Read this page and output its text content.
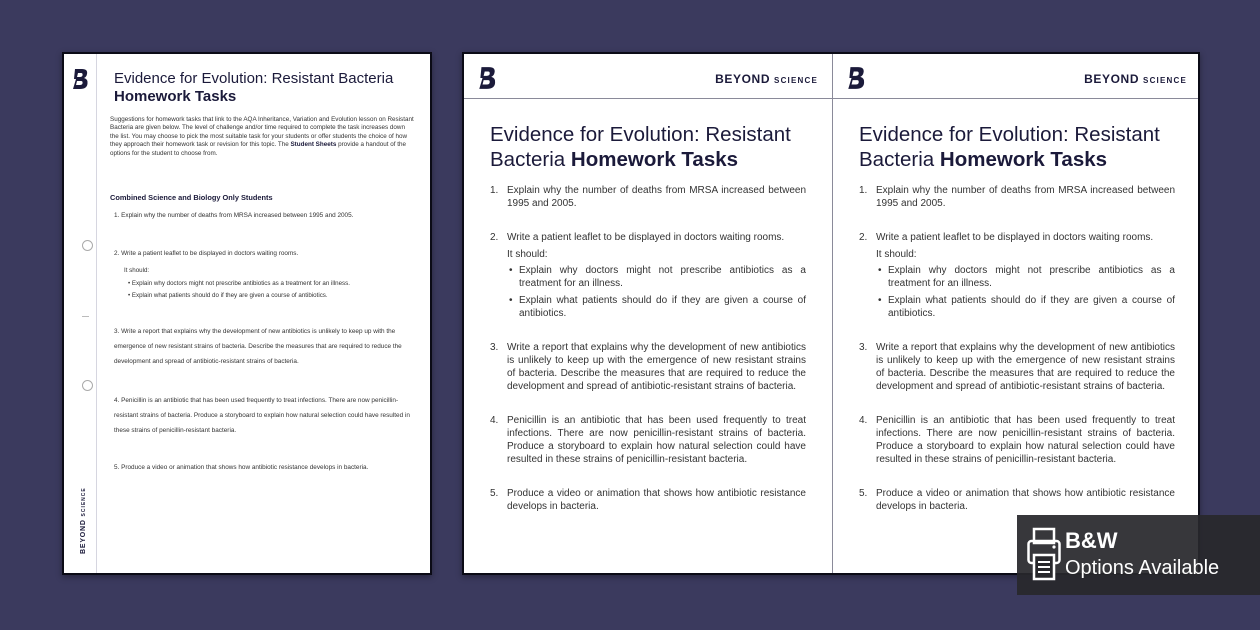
BEYOND SCIENCE
Evidence for Evolution: Resistant Bacteria
Homework Tasks
Suggestions for homework tasks that link to the AQA Inheritance, Variation and Evolution lesson on Resistant Bacteria are given below. The level of challenge and/or time required to complete the task increases down the list. You may choose to pick the most suitable task for your students or offer students the choice of how they approach their homework task or revision for this topic. The Student Sheets provide a handout of the options for the student to choose from.
Combined Science and Biology Only Students
1. Explain why the number of deaths from MRSA increased between 1995 and 2005.
2. Write a patient leaflet to be displayed in doctors waiting rooms.
It should:
• Explain why doctors might not prescribe antibiotics as a treatment for an illness.
• Explain what patients should do if they are given a course of antibiotics.
3. Write a report that explains why the development of new antibiotics is unlikely to keep up with the emergence of new resistant strains of bacteria. Describe the measures that are required to reduce the development and spread of antibiotic-resistant strains of bacteria.
4. Penicillin is an antibiotic that has been used frequently to treat infections. There are now penicillin-resistant strains of bacteria. Produce a storyboard to explain how natural selection could have resulted in these strains of penicillin-resistant bacteria.
5. Produce a video or animation that shows how antibiotic resistance develops in bacteria.
BEYOND SCIENCE
Evidence for Evolution: Resistant Bacteria Homework Tasks
1. Explain why the number of deaths from MRSA increased between 1995 and 2005.
2. Write a patient leaflet to be displayed in doctors waiting rooms.
It should:
• Explain why doctors might not prescribe antibiotics as a treatment for an illness.
• Explain what patients should do if they are given a course of antibiotics.
3. Write a report that explains why the development of new antibiotics is unlikely to keep up with the emergence of new resistant strains of bacteria. Describe the measures that are required to reduce the development and spread of antibiotic-resistant strains of bacteria.
4. Penicillin is an antibiotic that has been used frequently to treat infections. There are now penicillin-resistant strains of bacteria. Produce a storyboard to explain how natural selection could have resulted in these strains of penicillin-resistant bacteria.
5. Produce a video or animation that shows how antibiotic resistance develops in bacteria.
BEYOND SCIENCE
Evidence for Evolution: Resistant Bacteria Homework Tasks
1. Explain why the number of deaths from MRSA increased between 1995 and 2005.
2. Write a patient leaflet to be displayed in doctors waiting rooms.
It should:
• Explain why doctors might not prescribe antibiotics as a treatment for an illness.
• Explain what patients should do if they are given a course of antibiotics.
3. Write a report that explains why the development of new antibiotics is unlikely to keep up with the emergence of new resistant strains of bacteria. Describe the measures that are required to reduce the development and spread of antibiotic-resistant strains of bacteria.
4. Penicillin is an antibiotic that has been used frequently to treat infections. There are now penicillin-resistant strains of bacteria. Produce a storyboard to explain how natural selection could have resulted in these strains of penicillin-resistant bacteria.
5. Produce a video or animation that shows how antibiotic resistance develops in bacteria.
B&W
Options Available
